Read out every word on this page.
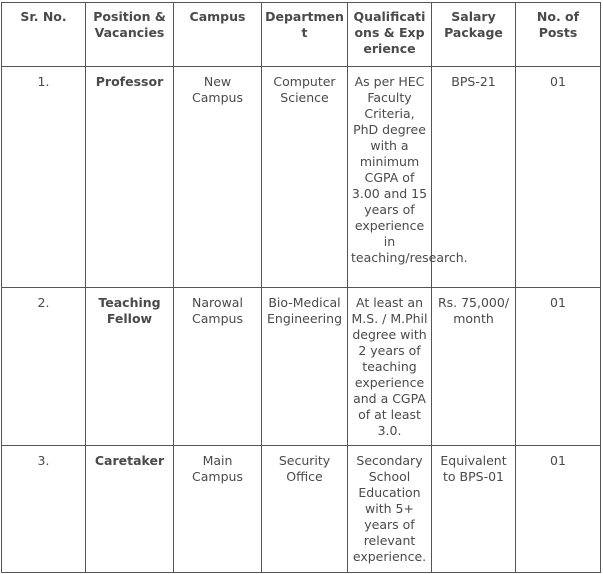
Sr. No.	Position & Vacancies	Campus	Department	Qualifications & Experience	Salary Package	No. of Posts
1.	Professor	New Campus	Computer Science	As per HEC Faculty Criteria, PhD degree with a minimum CGPA of 3.00 and 15 years of experience in teaching/research.	BPS-21	01
2.	Teaching Fellow	Narowal Campus	Bio-Medical Engineering	At least an M.S. / M.Phil degree with 2 years of teaching experience and a CGPA of at least 3.0.	Rs. 75,000/month	01
3.	Caretaker	Main Campus	Security Office	Secondary School Education with 5+ years of relevant experience.	Equivalent to BPS-01	01
